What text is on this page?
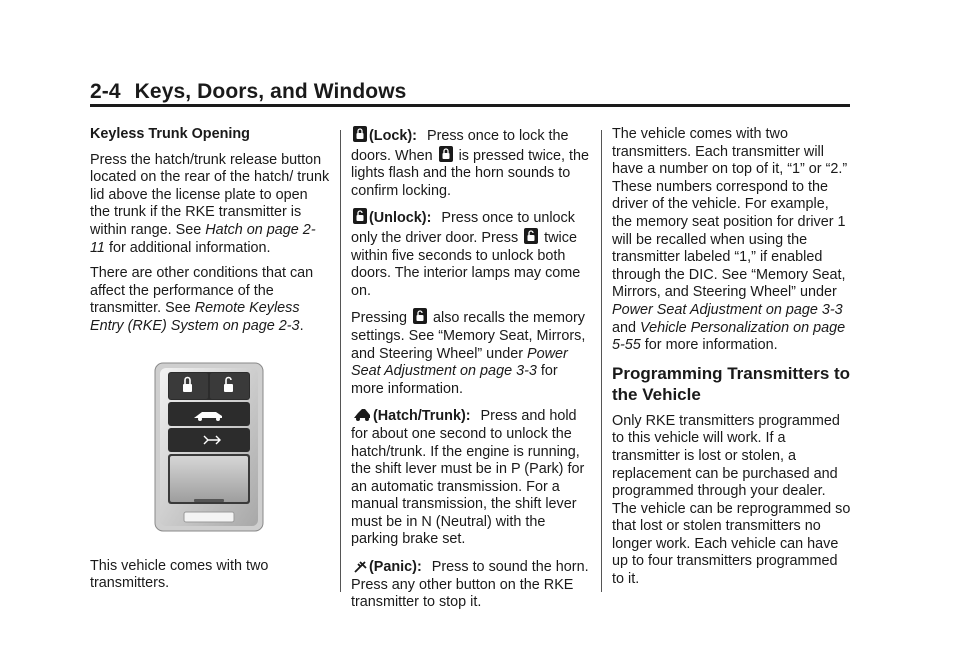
2-4 Keys, Doors, and Windows

Keyless Trunk Opening

Press the hatch/trunk release button located on the rear of the hatch/ trunk lid above the license plate to open the trunk if the RKE transmitter is within range. See Hatch on page 2-11 for additional information.

There are other conditions that can affect the performance of the transmitter. See Remote Keyless Entry (RKE) System on page 2-3.

This vehicle comes with two transmitters.

(Lock): Press once to lock the doors. When  is pressed twice, the lights flash and the horn sounds to confirm locking.

(Unlock): Press once to unlock only the driver door. Press  twice within five seconds to unlock both doors. The interior lamps may come on.

Pressing  also recalls the memory settings. See “Memory Seat, Mirrors, and Steering Wheel” under Power Seat Adjustment on page 3-3 for more information.

(Hatch/Trunk): Press and hold for about one second to unlock the hatch/trunk. If the engine is running, the shift lever must be in P (Park) for an automatic transmission. For a manual transmission, the shift lever must be in N (Neutral) with the parking brake set.

(Panic): Press to sound the horn. Press any other button on the RKE transmitter to stop it.

The vehicle comes with two transmitters. Each transmitter will have a number on top of it, “1” or “2.” These numbers correspond to the driver of the vehicle. For example, the memory seat position for driver 1 will be recalled when using the transmitter labeled “1,” if enabled through the DIC. See “Memory Seat, Mirrors, and Steering Wheel” under Power Seat Adjustment on page 3-3 and Vehicle Personalization on page 5-55 for more information.

Programming Transmitters to the Vehicle

Only RKE transmitters programmed to this vehicle will work. If a transmitter is lost or stolen, a replacement can be purchased and programmed through your dealer. The vehicle can be reprogrammed so that lost or stolen transmitters no longer work. Each vehicle can have up to four transmitters programmed to it.
